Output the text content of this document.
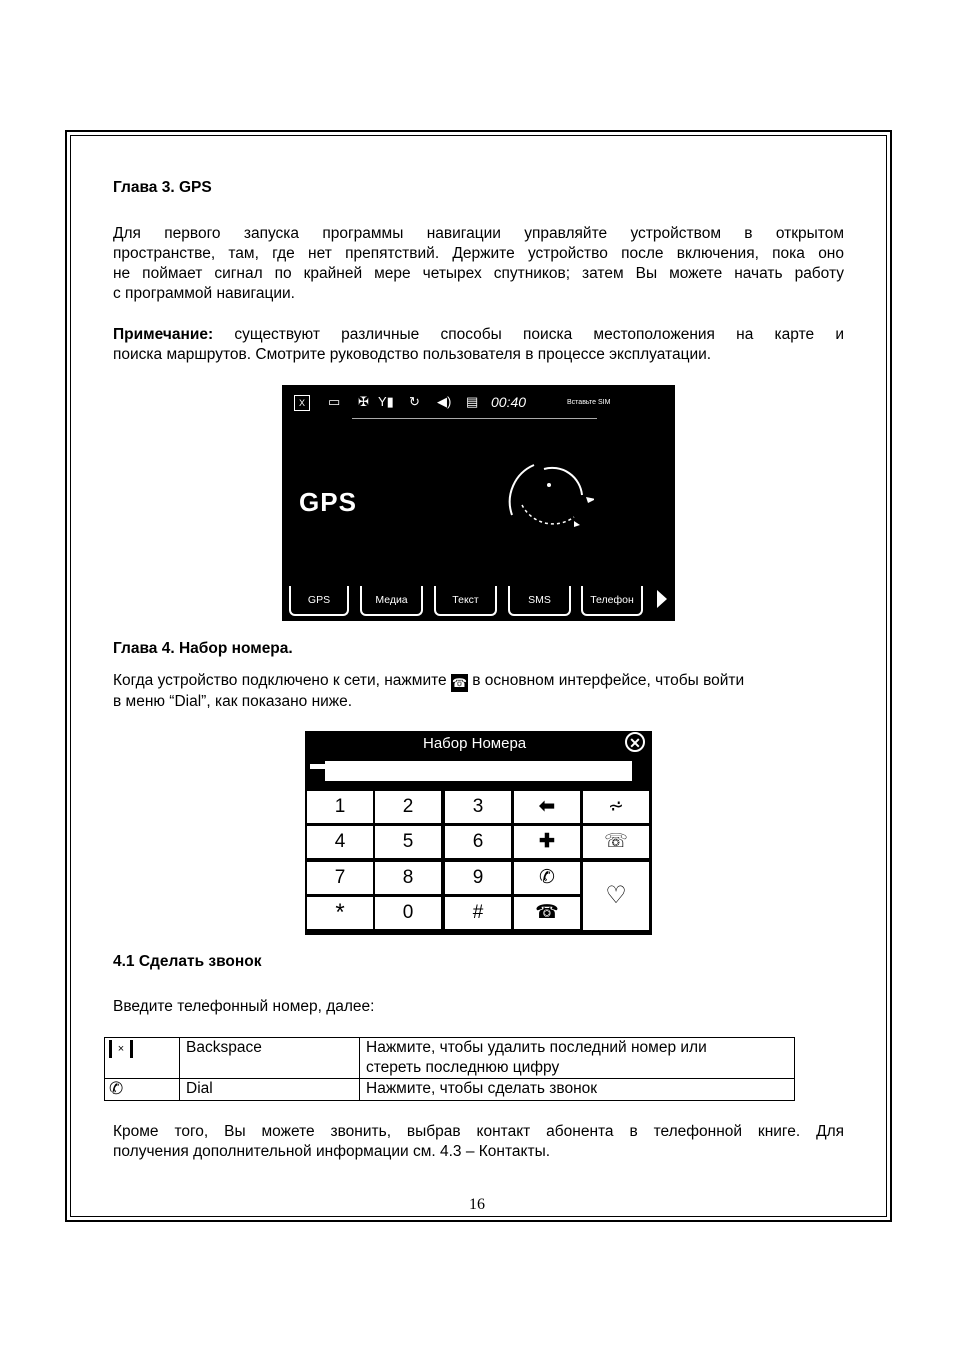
Глава 3. GPS

Для первого запуска программы навигации управляйте устройством в открытом

пространстве, там, где нет препятствий. Держите устройство после включения, пока оно

не поймает сигнал по крайней мере четырех спутников; затем Вы можете начать работу

с программой навигации.

Примечание: существуют различные способы поиска местоположения на карте и

поиска маршрутов. Смотрите руководство пользователя в процессе эксплуатации.

X	▭ ✠ Y▮ ↻ ◀) ▤ 00:40	Вставьте SIM
GPS
GPS	Медиа	Текст	SMS	Телефон
Глава 4. Набор номера.

Когда устройство подключено к сети, нажмите ☎ в основном интерфейсе, чтобы войти

в меню “Dial”, как показано ниже.

Набор Номера	✕
1	2	3	⬅	⩫
4	5	6	✚	☏
7	8	9	✆
♡
*	0	#	☎
4.1 Сделать звонок
Введите телефонный номер, далее:
×	Backspace	Нажмите, чтобы удалить последний номер или
стереть последнюю цифру

✆	Dial	Нажмите, чтобы сделать звонок

Кроме того, Вы можете звонить, выбрав контакт абонента в телефонной книге. Для

получения дополнительной информации см. 4.3 – Контакты.

16
